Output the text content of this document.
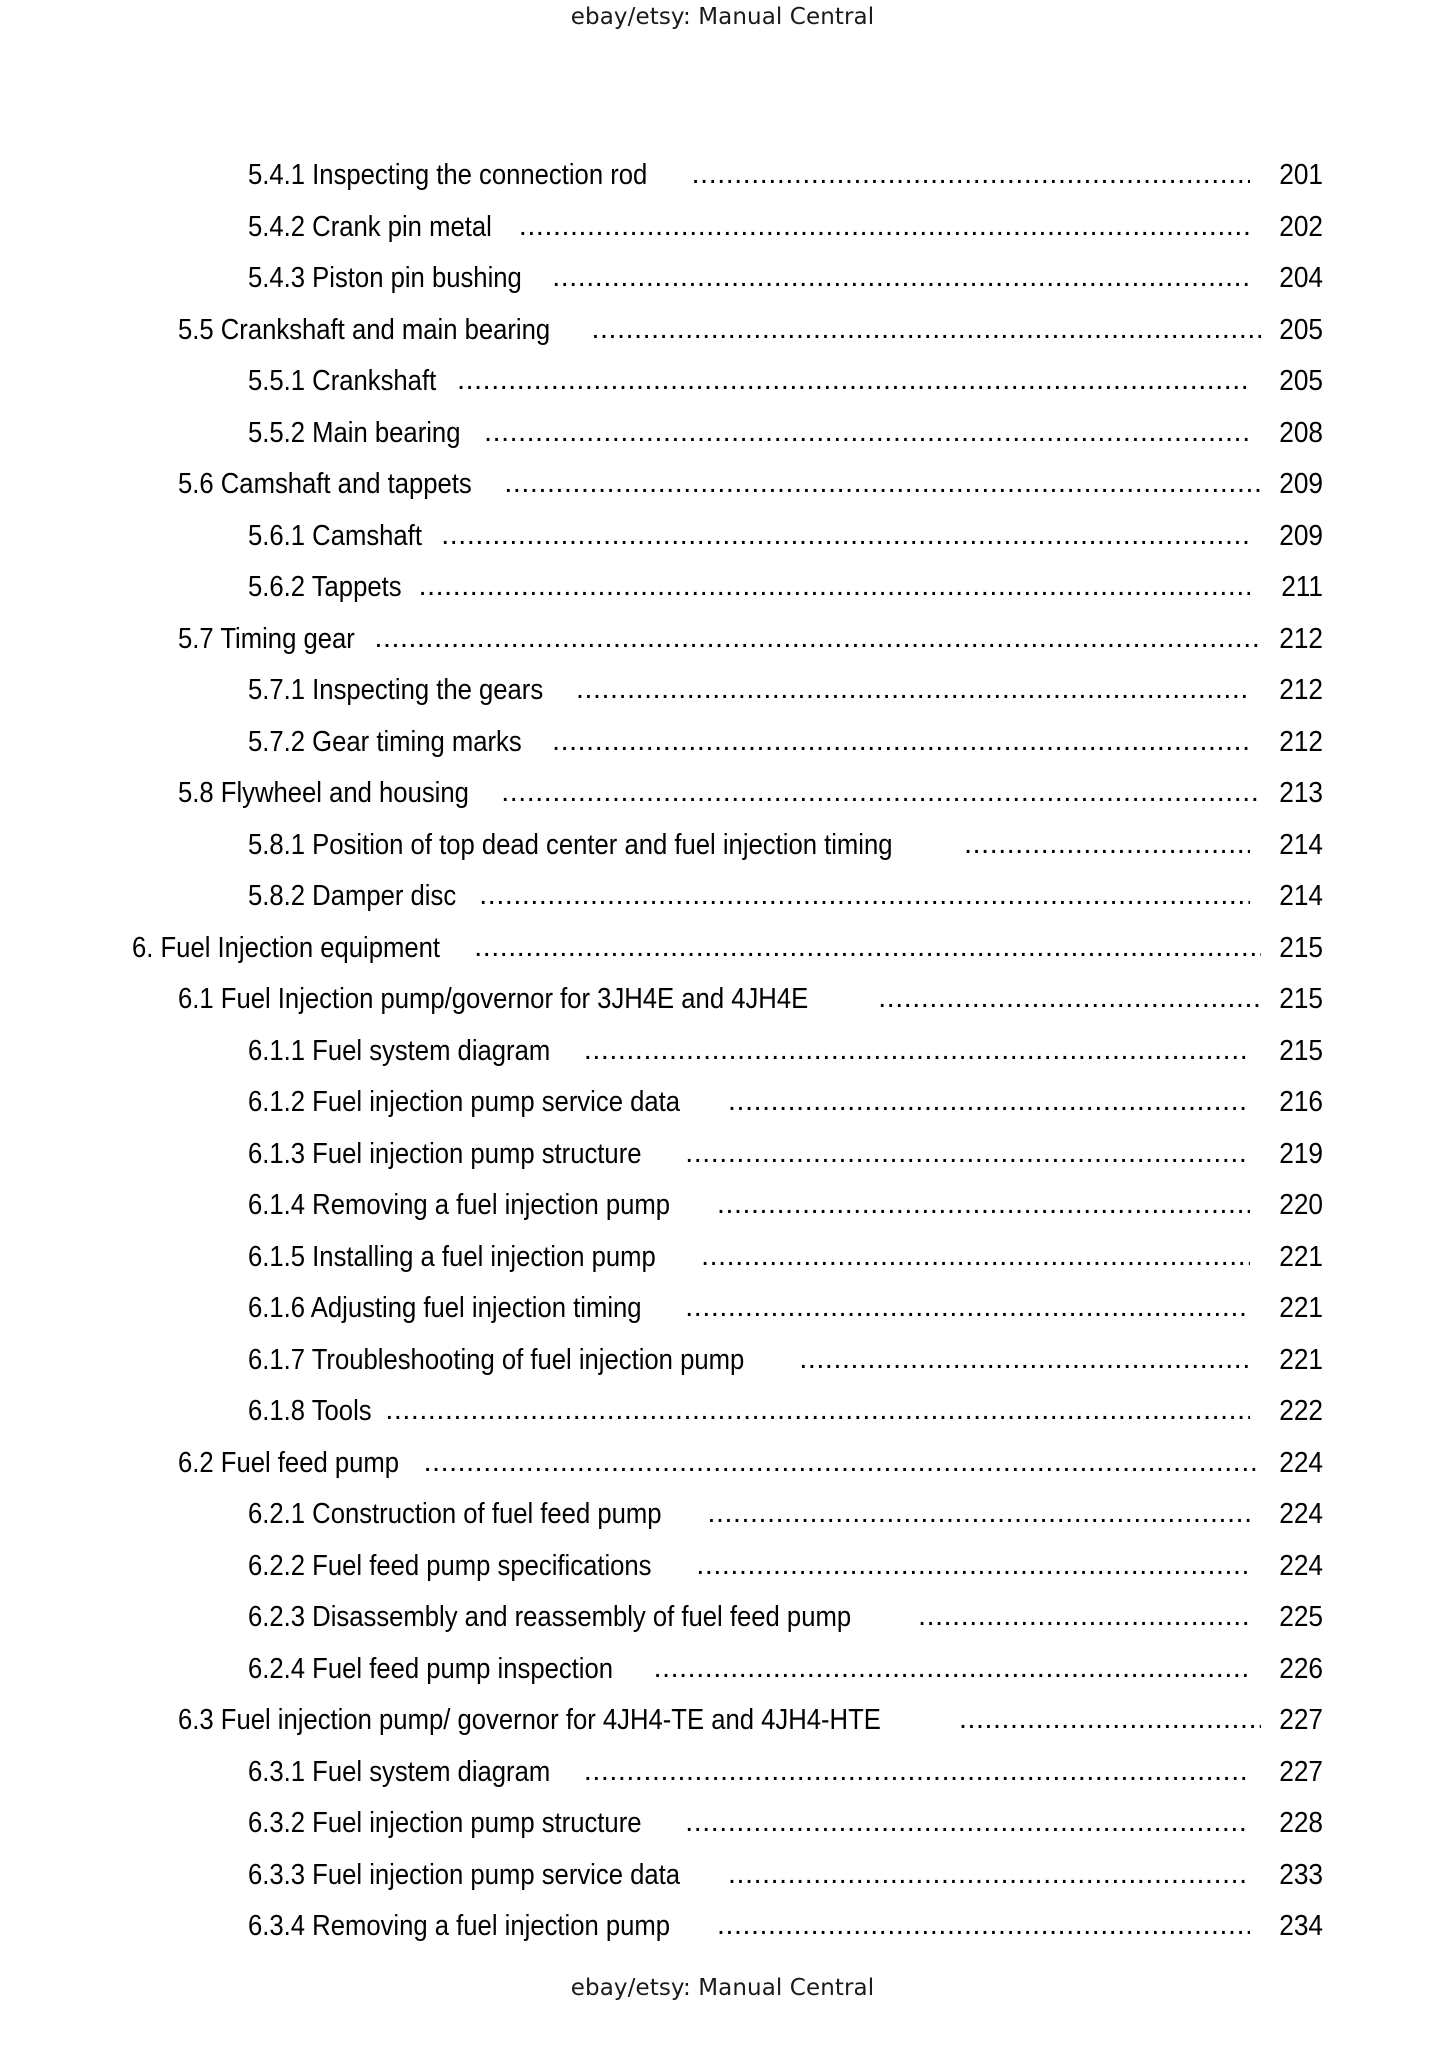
ebay/etsy: Manual Central
5.4.1 Inspecting the connection rod .....	201
5.4.2 Crank pin metal .....	202
5.4.3 Piston pin bushing .....	204
5.5 Crankshaft and main bearing .....	205
5.5.1 Crankshaft .....	205
5.5.2 Main bearing .....	208
5.6 Camshaft and tappets .....	209
5.6.1 Camshaft .....	209
5.6.2 Tappets .....	211
5.7 Timing gear .....	212
5.7.1 Inspecting the gears .....	212
5.7.2 Gear timing marks .....	212
5.8 Flywheel and housing .....	213
5.8.1 Position of top dead center and fuel injection timing .....	214
5.8.2 Damper disc .....	214
6. Fuel Injection equipment .....	215
6.1 Fuel Injection pump/governor for 3JH4E and 4JH4E .....	215
6.1.1 Fuel system diagram .....	215
6.1.2 Fuel injection pump service data .....	216
6.1.3 Fuel injection pump structure .....	219
6.1.4 Removing a fuel injection pump .....	220
6.1.5 Installing a fuel injection pump .....	221
6.1.6 Adjusting fuel injection timing .....	221
6.1.7 Troubleshooting of fuel injection pump .....	221
6.1.8 Tools .....	222
6.2 Fuel feed pump .....	224
6.2.1 Construction of fuel feed pump .....	224
6.2.2 Fuel feed pump specifications .....	224
6.2.3 Disassembly and reassembly of fuel feed pump .....	225
6.2.4 Fuel feed pump inspection .....	226
6.3 Fuel injection pump/ governor for 4JH4-TE and 4JH4-HTE .....	227
6.3.1 Fuel system diagram .....	227
6.3.2 Fuel injection pump structure .....	228
6.3.3 Fuel injection pump service data .....	233
6.3.4 Removing a fuel injection pump .....	234
ebay/etsy: Manual Central
